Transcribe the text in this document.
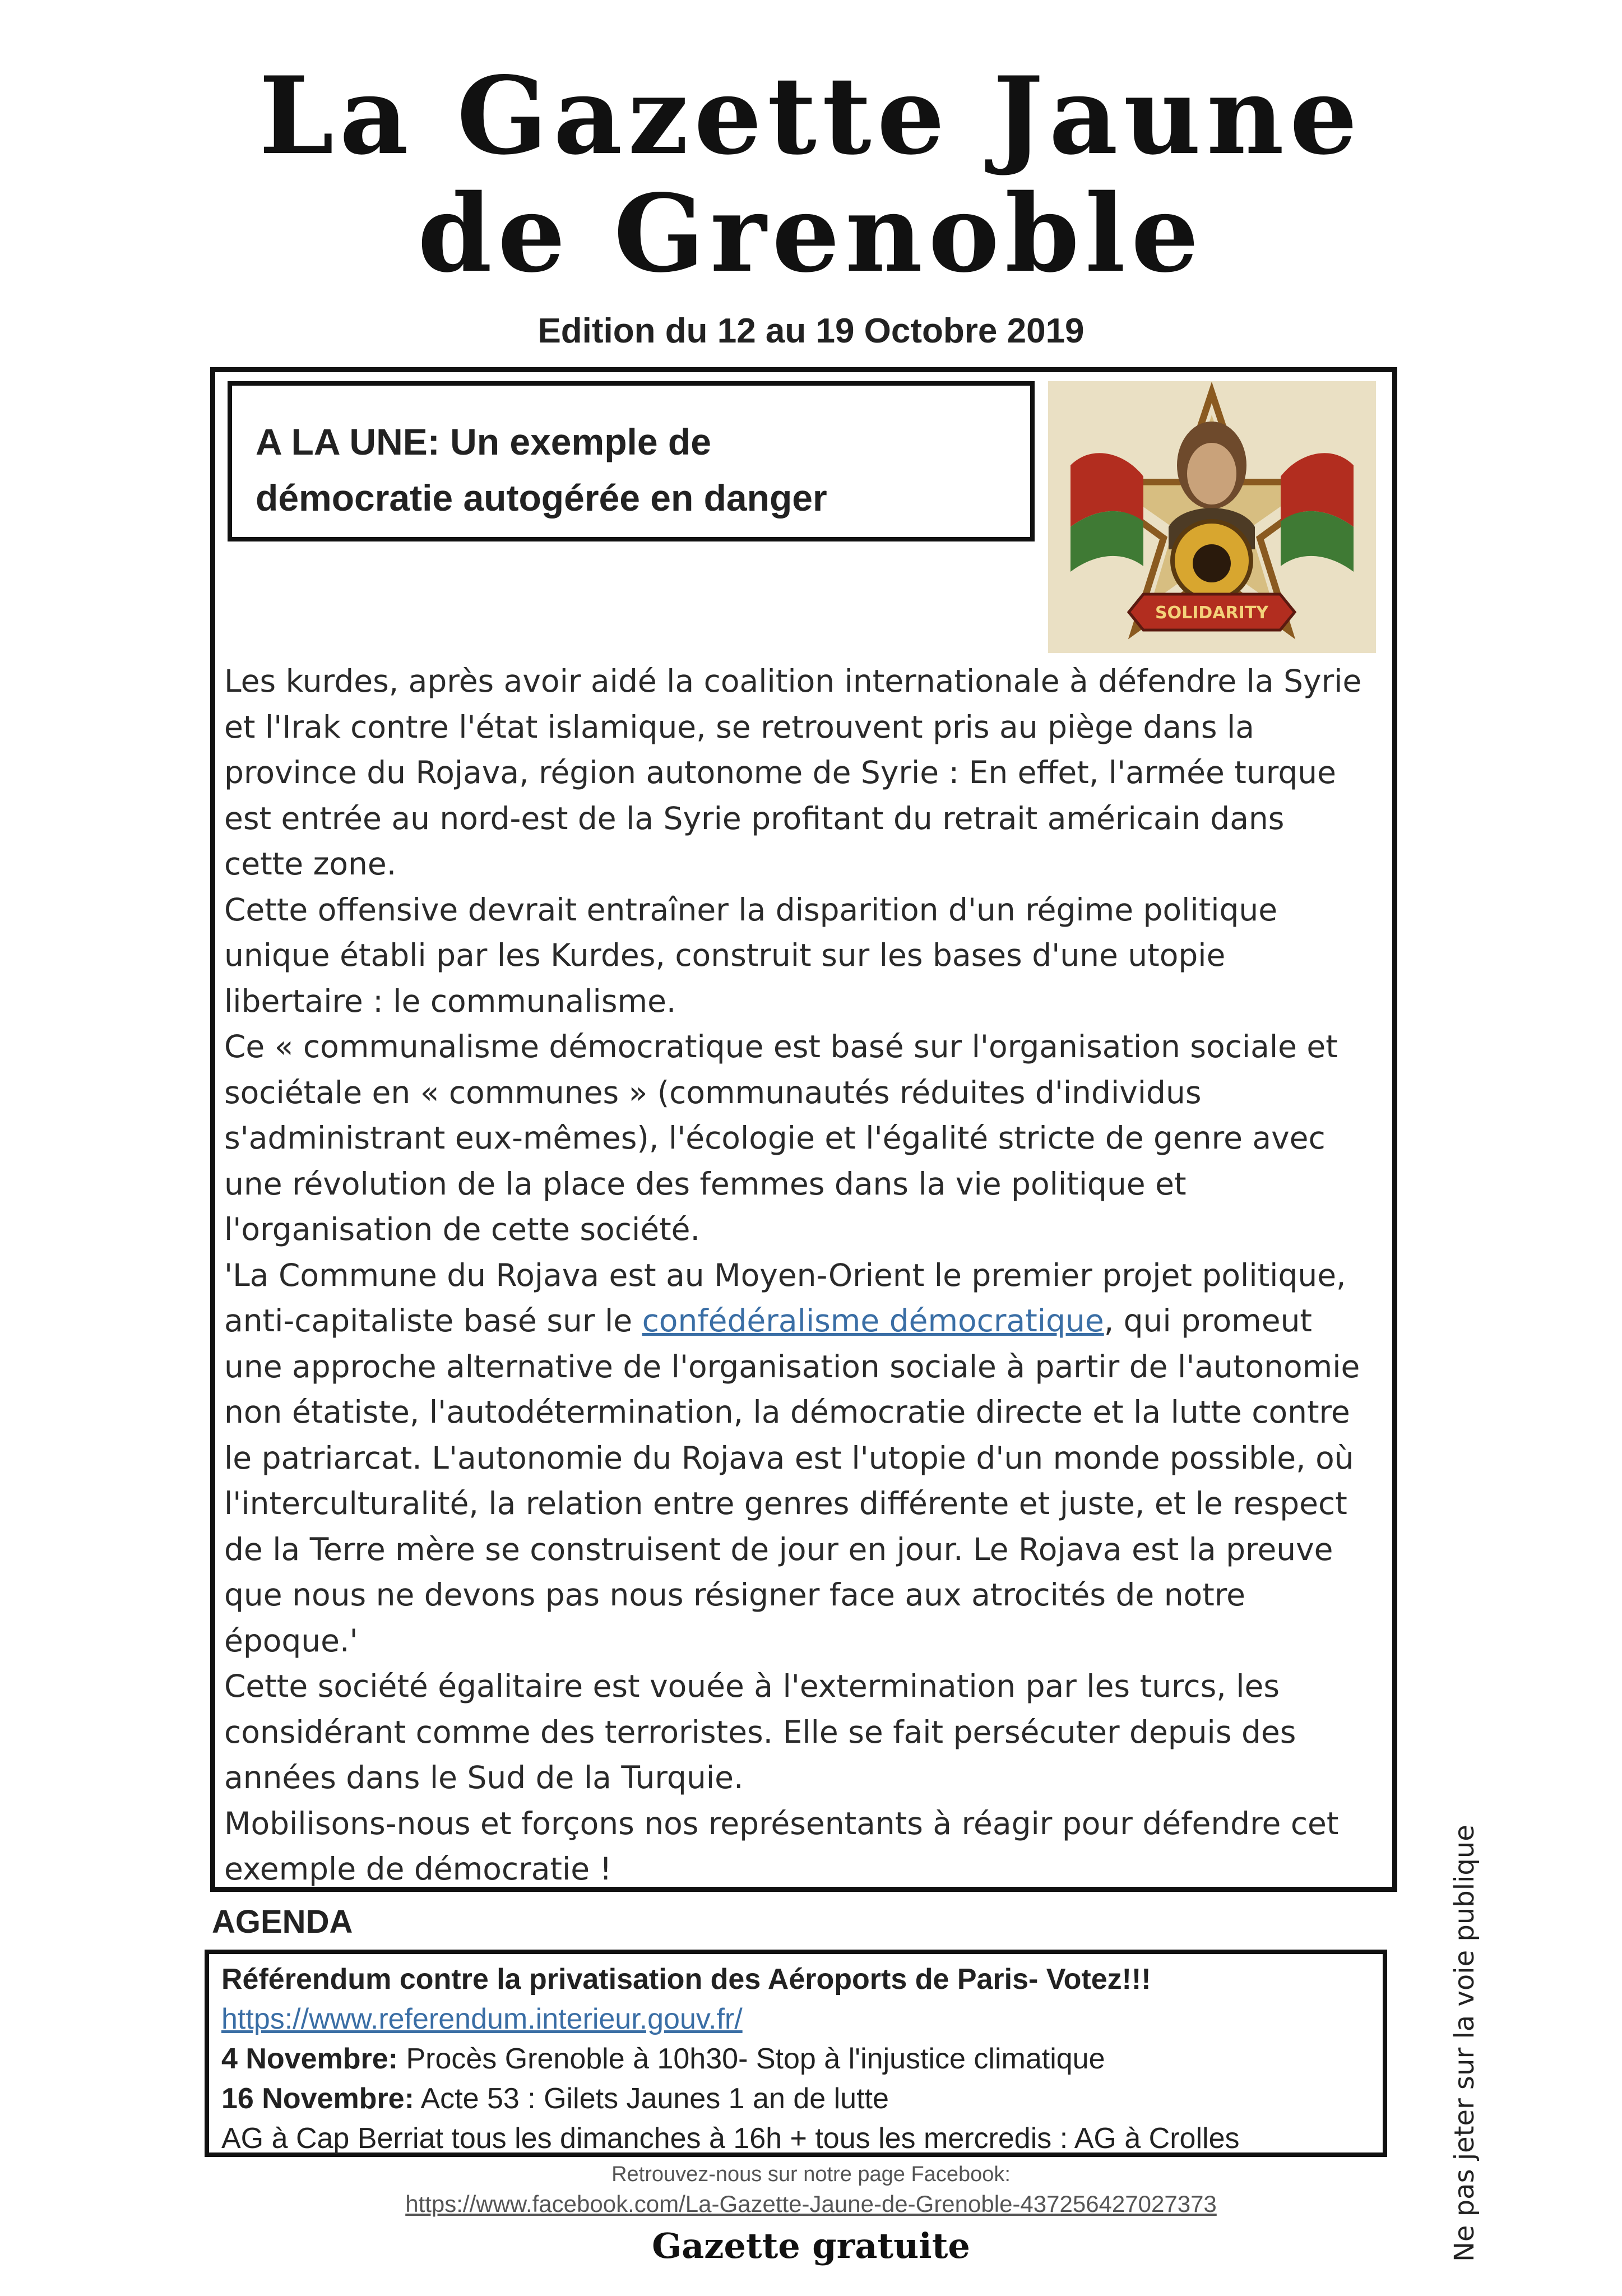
La Gazette Jaune
de Grenoble
Edition du 12 au 19 Octobre 2019
A LA UNE: Un exemple de
démocratie autogérée en danger
SOLIDARITY

Les kurdes, après avoir aidé la coalition internationale à défendre la Syrie et l'Irak contre l'état islamique, se retrouvent pris au piège dans la province du Rojava, région autonome de Syrie : En effet, l'armée turque est entrée au nord-est de la Syrie profitant du retrait américain dans cette zone.

Cette offensive devrait entraîner la disparition d'un régime politique unique établi par les Kurdes, construit sur les bases d'une utopie libertaire : le communalisme.

Ce « communalisme démocratique est basé sur l'organisation sociale et sociétale en « communes » (communautés réduites d'individus s'administrant eux-mêmes), l'écologie et l'égalité stricte de genre avec une révolution de la place des femmes dans la vie politique et l'organisation de cette société.

'La Commune du Rojava est au Moyen-Orient le premier projet politique, anti-capitaliste basé sur le confédéralisme démocratique, qui promeut une approche alternative de l'organisation sociale à partir de l'autonomie non étatiste, l'autodétermination, la démocratie directe et la lutte contre le patriarcat. L'autonomie du Rojava est l'utopie d'un monde possible, où l'interculturalité, la relation entre genres différente et juste, et le respect de la Terre mère se construisent de jour en jour. Le Rojava est la preuve que nous ne devons pas nous résigner face aux atrocités de notre époque.'

Cette société égalitaire est vouée à l'extermination par les turcs, les considérant comme des terroristes. Elle se fait persécuter depuis des années dans le Sud de la Turquie.

Mobilisons-nous et forçons nos représentants à réagir pour défendre cet exemple de démocratie !

AGENDA
Référendum contre la privatisation des Aéroports de Paris- Votez!!!
https://www.referendum.interieur.gouv.fr/
4 Novembre: Procès Grenoble à 10h30- Stop à l'injustice climatique
16 Novembre: Acte 53 : Gilets Jaunes 1 an de lutte
AG à Cap Berriat tous les dimanches à 16h + tous les mercredis : AG à Crolles
Retrouvez-nous sur notre page Facebook:
https://www.facebook.com/La-Gazette-Jaune-de-Grenoble-437256427027373
Gazette gratuite	Ne pas jeter sur la voie publique
